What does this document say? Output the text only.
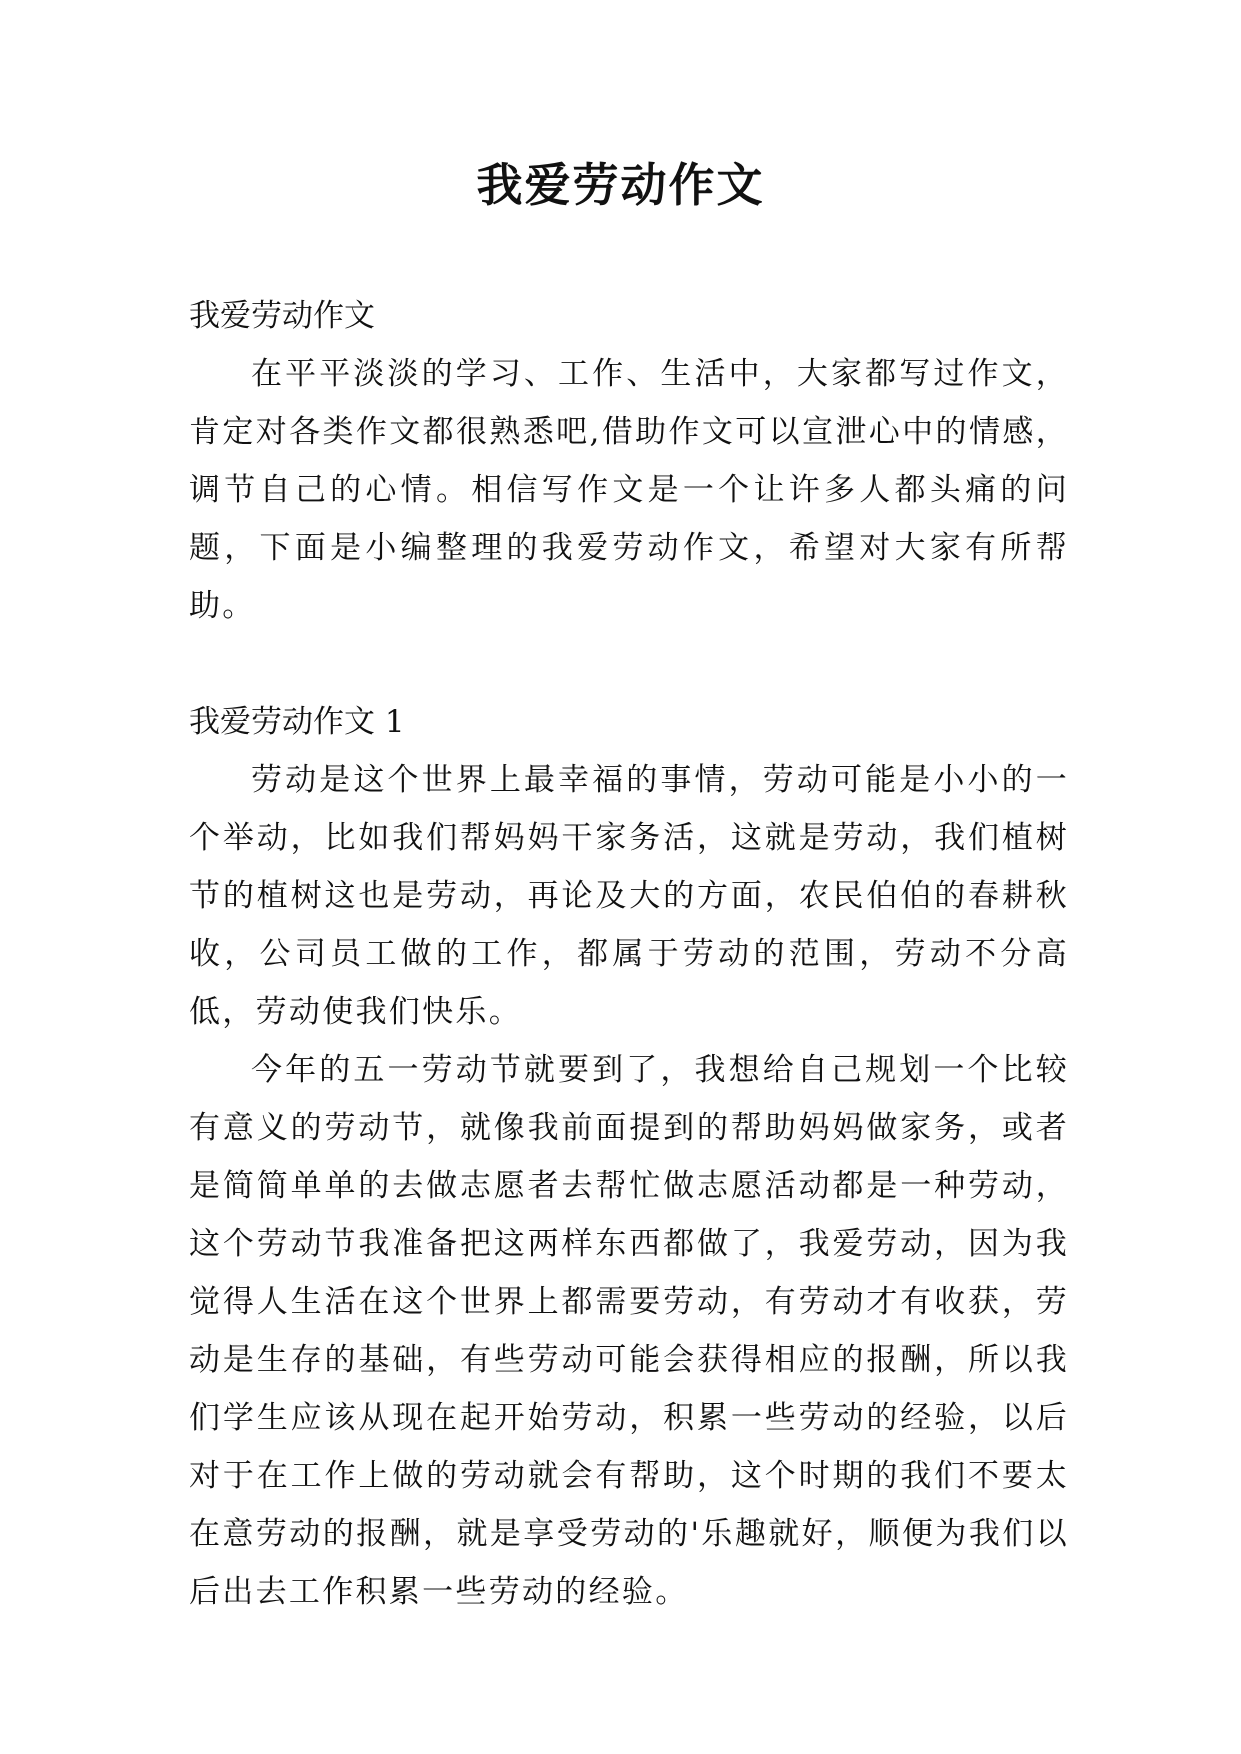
我爱劳动作文

我爱劳动作文

在平平淡淡的学习、工作、生活中，大家都写过作文，肯定对各类作文都很熟悉吧,借助作文可以宣泄心中的情感，调节自己的心情。相信写作文是一个让许多人都头痛的问题，下面是小编整理的我爱劳动作文，希望对大家有所帮助。

我爱劳动作文 1

劳动是这个世界上最幸福的事情，劳动可能是小小的一个举动，比如我们帮妈妈干家务活，这就是劳动，我们植树节的植树这也是劳动，再论及大的方面，农民伯伯的春耕秋收，公司员工做的工作，都属于劳动的范围，劳动不分高低，劳动使我们快乐。

今年的五一劳动节就要到了，我想给自己规划一个比较有意义的劳动节，就像我前面提到的帮助妈妈做家务，或者是简简单单的去做志愿者去帮忙做志愿活动都是一种劳动，这个劳动节我准备把这两样东西都做了，我爱劳动，因为我觉得人生活在这个世界上都需要劳动，有劳动才有收获，劳动是生存的基础，有些劳动可能会获得相应的报酬，所以我们学生应该从现在起开始劳动，积累一些劳动的经验，以后对于在工作上做的劳动就会有帮助，这个时期的我们不要太在意劳动的报酬，就是享受劳动的'乐趣就好，顺便为我们以后出去工作积累一些劳动的经验。
